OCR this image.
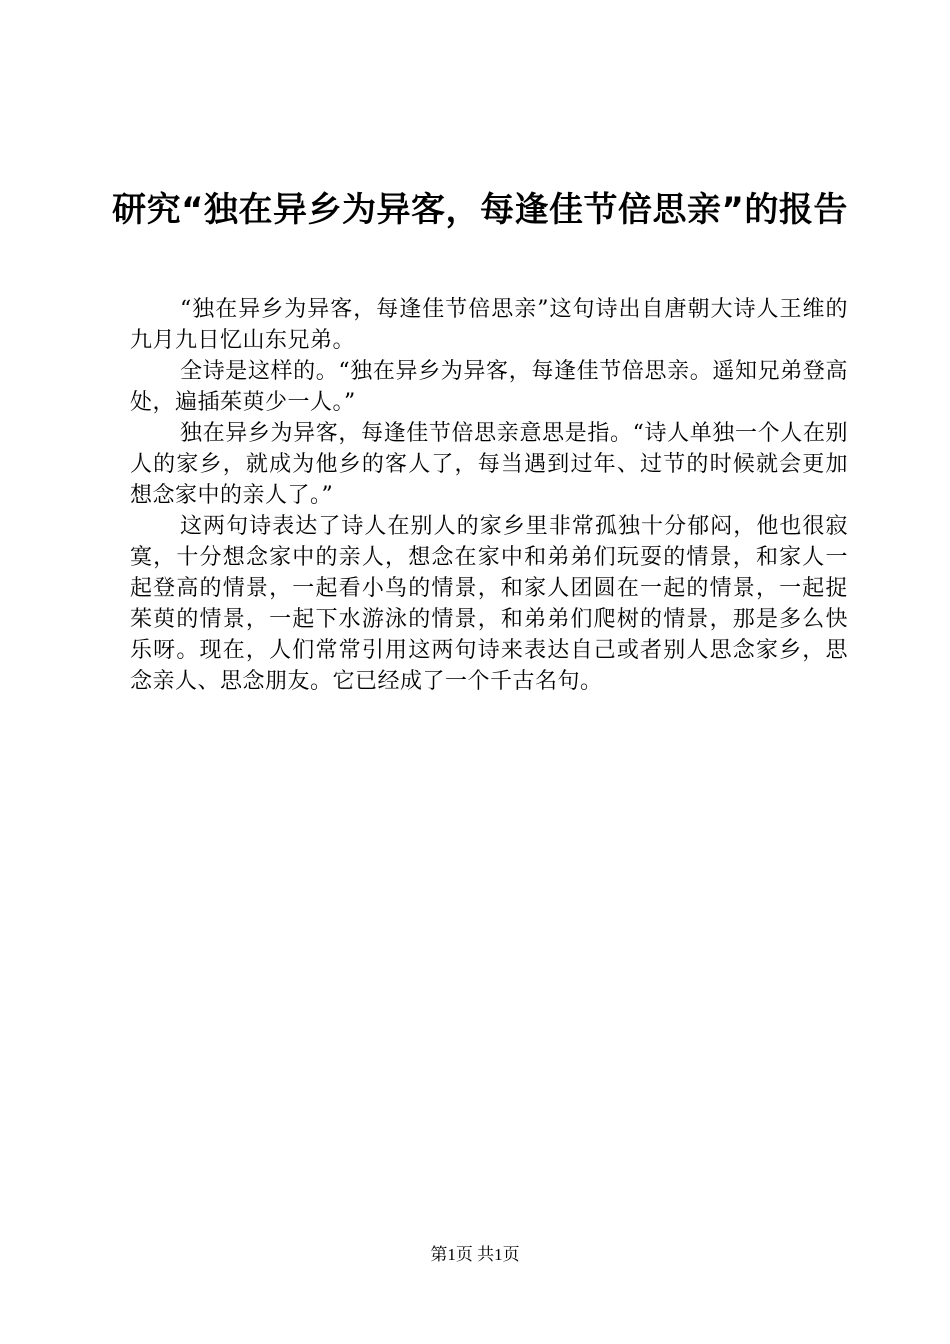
研究“独在异乡为异客，每逢佳节倍思亲”的报告

“独在异乡为异客，每逢佳节倍思亲”这句诗出自唐朝大诗人王维的九月九日忆山东兄弟。

全诗是这样的。“独在异乡为异客，每逢佳节倍思亲。遥知兄弟登高处，遍插茱萸少一人。”

独在异乡为异客，每逢佳节倍思亲意思是指。“诗人单独一个人在别人的家乡，就成为他乡的客人了，每当遇到过年、过节的时候就会更加想念家中的亲人了。”

这两句诗表达了诗人在别人的家乡里非常孤独十分郁闷，他也很寂寞，十分想念家中的亲人，想念在家中和弟弟们玩耍的情景，和家人一起登高的情景，一起看小鸟的情景，和家人团圆在一起的情景，一起捉茱萸的情景，一起下水游泳的情景，和弟弟们爬树的情景，那是多么快乐呀。现在，人们常常引用这两句诗来表达自己或者别人思念家乡，思念亲人、思念朋友。它已经成了一个千古名句。

第1页 共1页
